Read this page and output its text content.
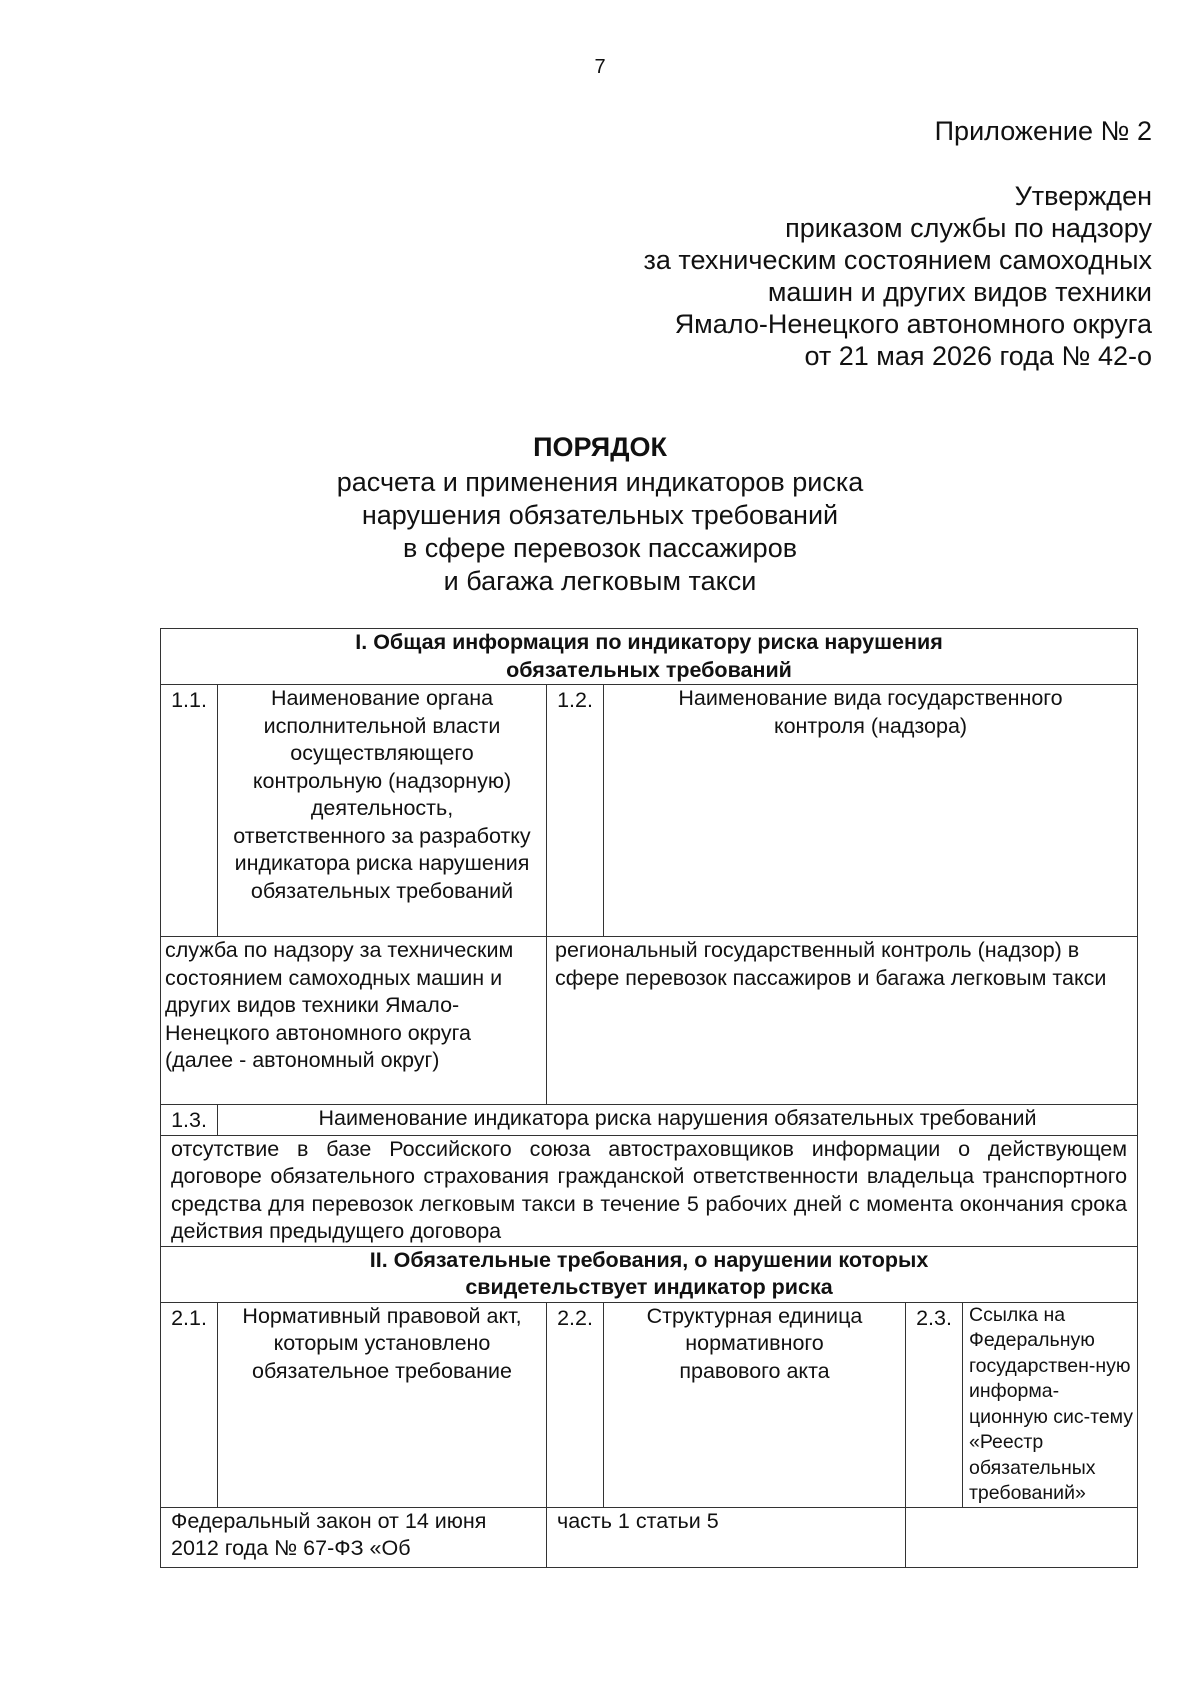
7
Приложение № 2
Утвержден
приказом службы по надзору
за техническим состоянием самоходных
машин и других видов техники
Ямало-Ненецкого автономного округа
от 21 мая 2026 года № 42-о
ПОРЯДОК
расчета и применения индикаторов риска
нарушения обязательных требований
в сфере перевозок пассажиров
и багажа легковым такси
I. Общая информация по индикатору риска нарушения
обязательных требований					

1.1.	Наименование органа исполнительной власти осуществляющего контрольную (надзорную) деятельность, ответственного за разработку индикатора риска нарушения обязательных требований	1.2.	Наименование вида государственного контроля (надзора)		
служба по надзору за техническим состоянием самоходных машин и других видов техники Ямало-Ненецкого автономного округа (далее - автономный округ)		региональный государственный контроль (надзор) в сфере перевозок пассажиров и багажа легковым такси			
1.3.	Наименование индикатора риска нарушения обязательных требований				
отсутствие в базе Российского союза автостраховщиков информации о действующем договоре обязательного страхования гражданской ответственности владельца транспортного средства для перевозок легковым такси в течение 5 рабочих дней с момента окончания срока действия предыдущего договора					

II. Обязательные требования, о нарушении которых
свидетельствует индикатор риска					

2.1.	Нормативный правовой акт, которым установлено обязательное требование	2.2.	Структурная единица нормативного правового акта	2.3.	Ссылка на Федеральную государствен-ную информа-ционную сис-тему «Реестр обязательных требований»
Федеральный закон от 14 июня 2012 года № 67-ФЗ «Об		часть 1 статьи 5			
